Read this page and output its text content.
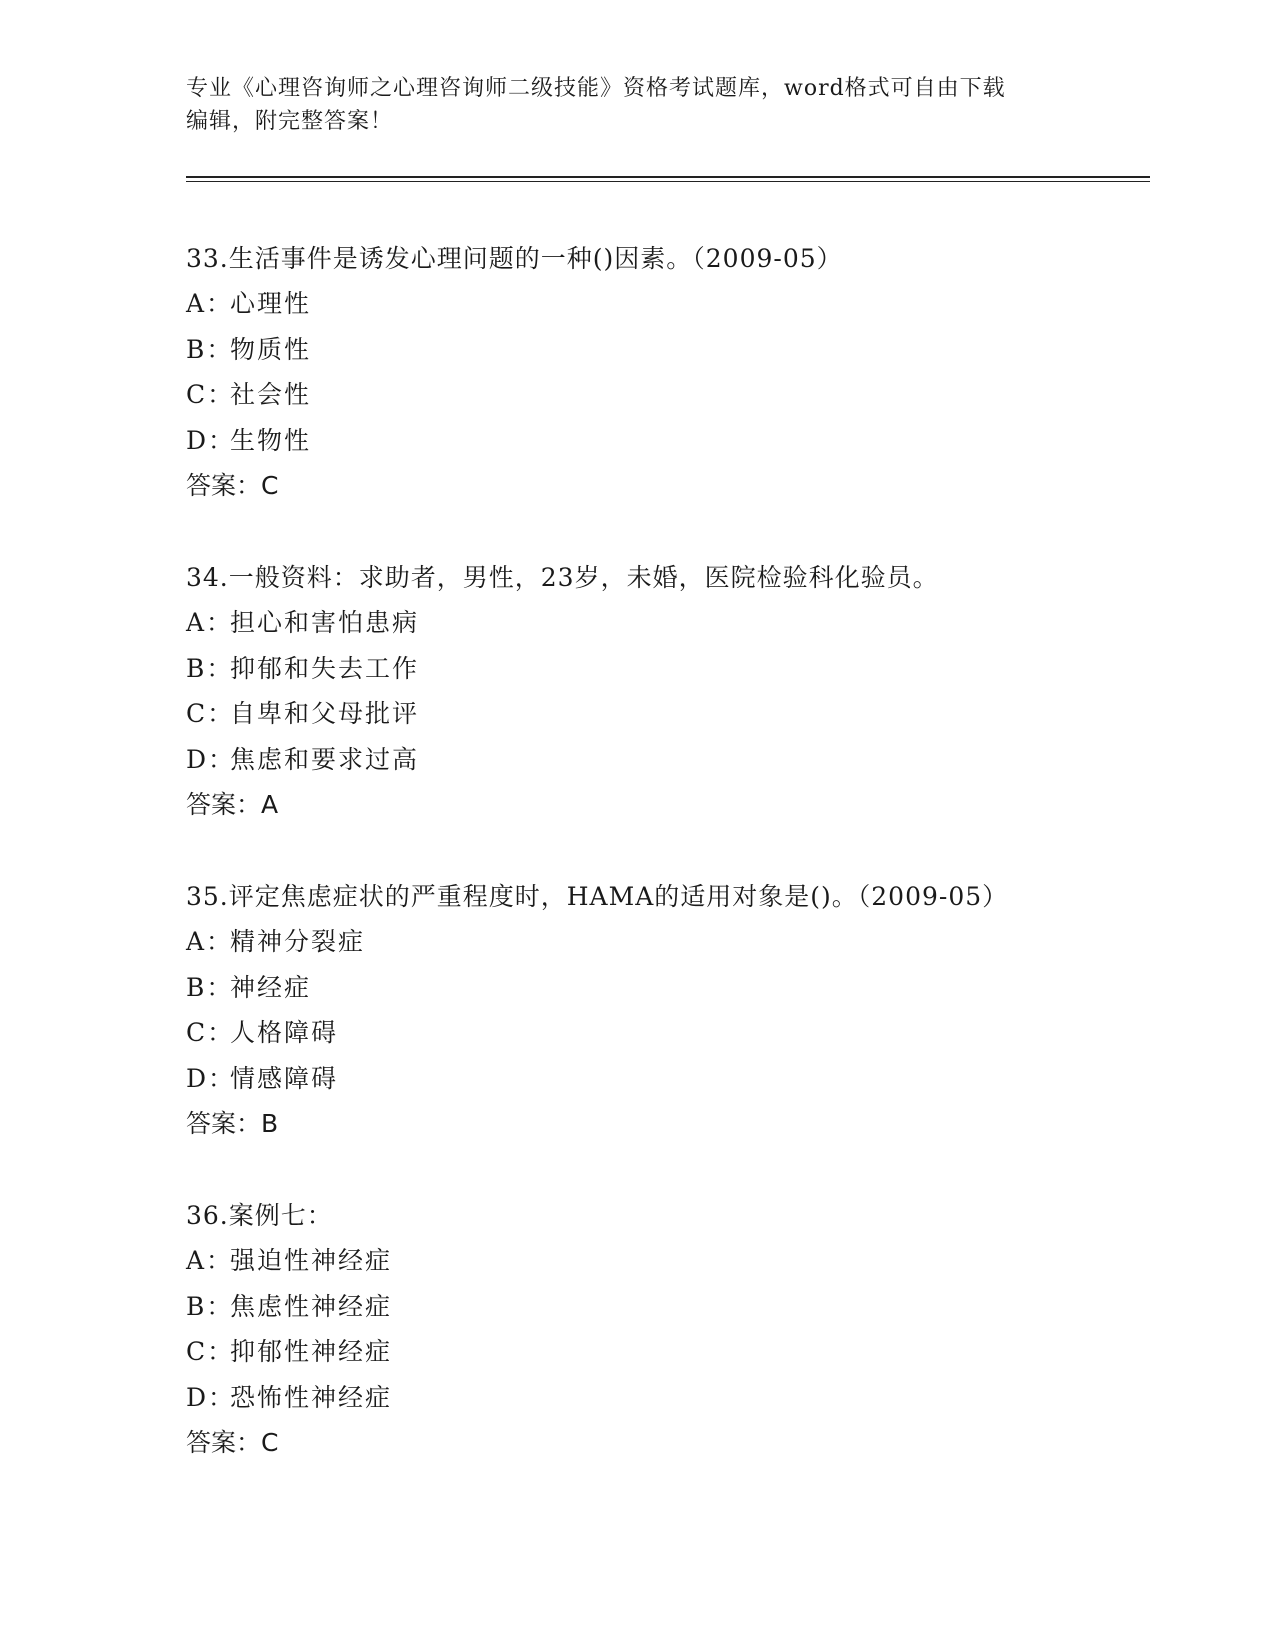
专业《心理咨询师之心理咨询师二级技能》资格考试题库，word格式可自由下载
编辑，附完整答案！
33.生活事件是诱发心理问题的一种()因素。（2009-05）
A：心理性
B：物质性
C：社会性
D：生物性
答案：C
34.一般资料：求助者，男性，23岁，未婚，医院检验科化验员。
A：担心和害怕患病
B：抑郁和失去工作
C：自卑和父母批评
D：焦虑和要求过高
答案：A
35.评定焦虑症状的严重程度时，HAMA的适用对象是()。（2009-05）
A：精神分裂症
B：神经症
C：人格障碍
D：情感障碍
答案：B
36.案例七：
A：强迫性神经症
B：焦虑性神经症
C：抑郁性神经症
D：恐怖性神经症
答案：C
